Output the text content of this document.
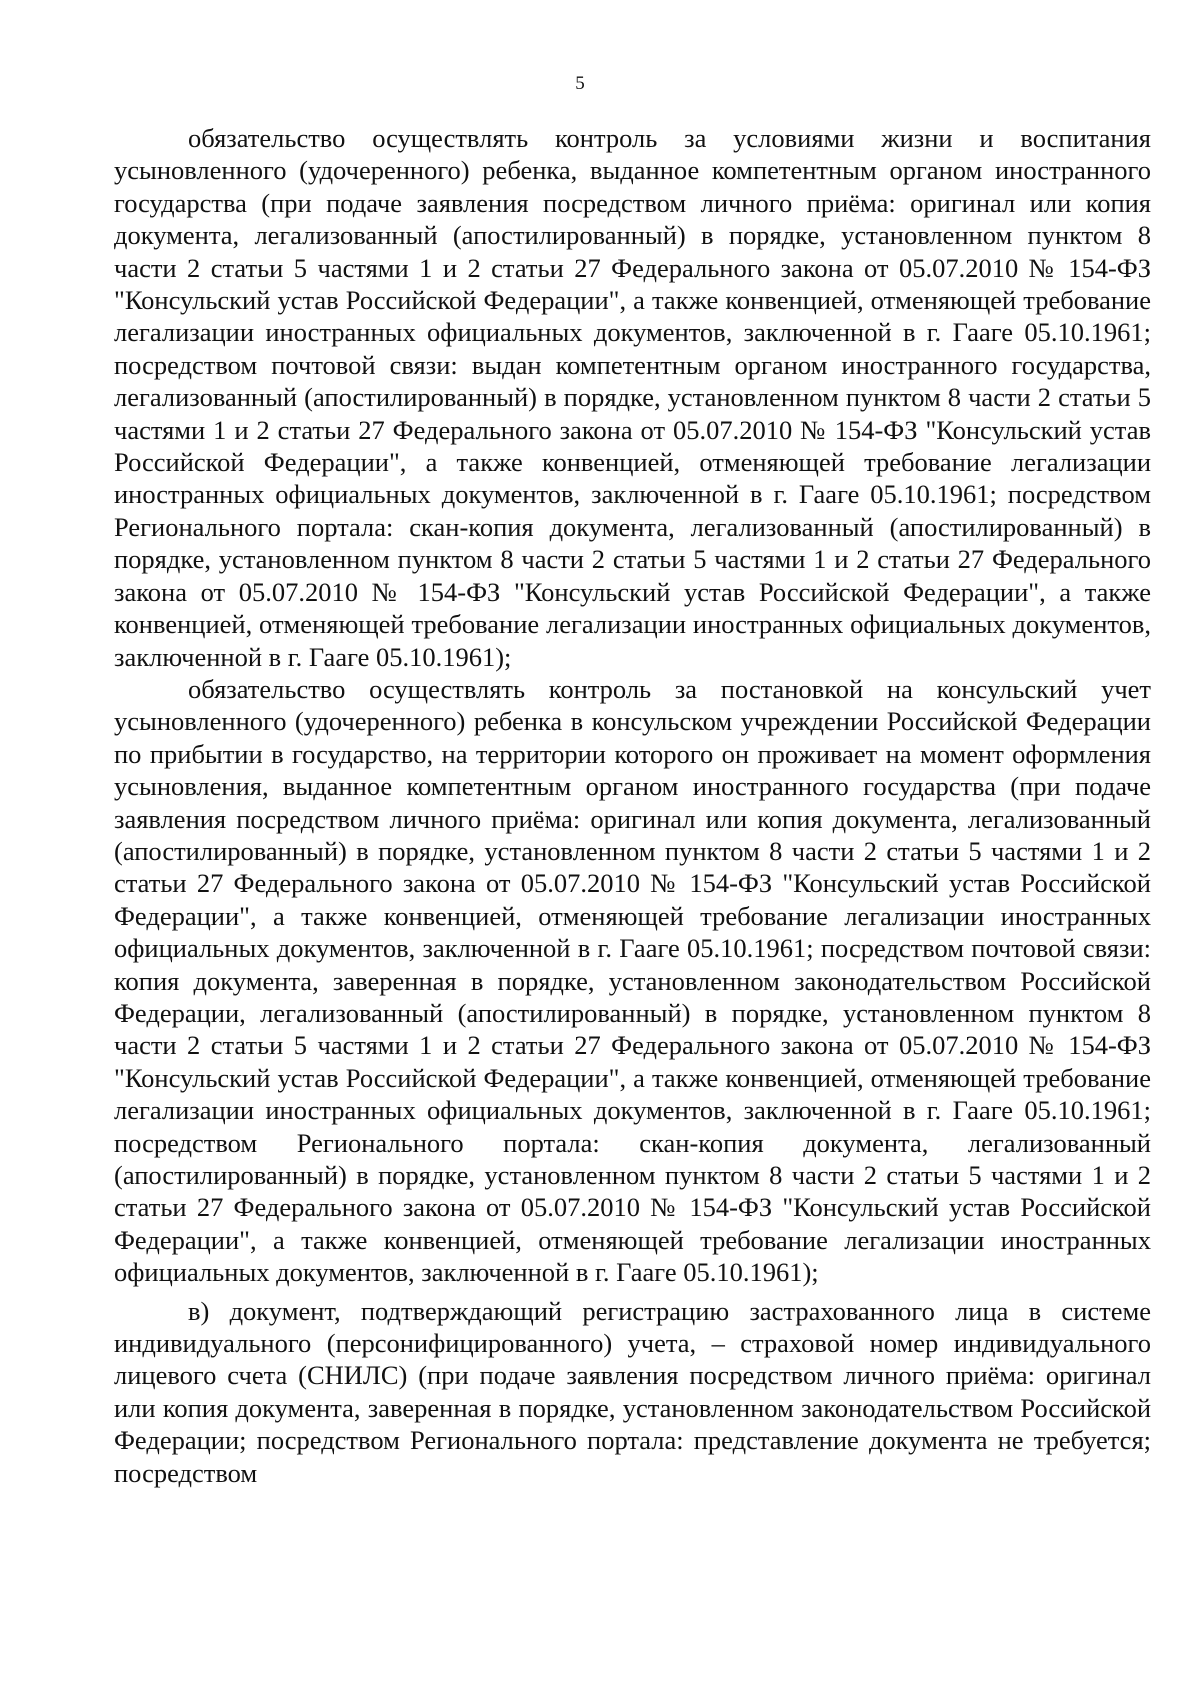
5

обязательство осуществлять контроль за условиями жизни и воспитания усыновленного (удочеренного) ребенка, выданное компетентным органом иностранного государства (при подаче заявления посредством личного приёма: оригинал или копия документа, легализованный (апостилированный) в порядке, установленном пунктом 8 части 2 статьи 5 частями 1 и 2 статьи 27 Федерального закона от 05.07.2010 № 154-ФЗ "Консульский устав Российской Федерации", а также конвенцией, отменяющей требование легализации иностранных официальных документов, заключенной в г. Гааге 05.10.1961; посредством почтовой связи: выдан компетентным органом иностранного государства, легализованный (апостилированный) в порядке, установленном пунктом 8 части 2 статьи 5 частями 1 и 2 статьи 27 Федерального закона от 05.07.2010 № 154-ФЗ "Консульский устав Российской Федерации", а также конвенцией, отменяющей требование легализации иностранных официальных документов, заключенной в г. Гааге 05.10.1961; посредством Регионального портала: скан-копия документа, легализованный (апостилированный) в порядке, установленном пунктом 8 части 2 статьи 5 частями 1 и 2 статьи 27 Федерального закона от 05.07.2010 № 154-ФЗ "Консульский устав Российской Федерации", а также конвенцией, отменяющей требование легализации иностранных официальных документов, заключенной в г. Гааге 05.10.1961);

обязательство осуществлять контроль за постановкой на консульский учет усыновленного (удочеренного) ребенка в консульском учреждении Российской Федерации по прибытии в государство, на территории которого он проживает на момент оформления усыновления, выданное компетентным органом иностранного государства (при подаче заявления посредством личного приёма: оригинал или копия документа, легализованный (апостилированный) в порядке, установленном пунктом 8 части 2 статьи 5 частями 1 и 2 статьи 27 Федерального закона от 05.07.2010 № 154-ФЗ "Консульский устав Российской Федерации", а также конвенцией, отменяющей требование легализации иностранных официальных документов, заключенной в г. Гааге 05.10.1961; посредством почтовой связи: копия документа, заверенная в порядке, установленном законодательством Российской Федерации, легализованный (апостилированный) в порядке, установленном пунктом 8 части 2 статьи 5 частями 1 и 2 статьи 27 Федерального закона от 05.07.2010 № 154-ФЗ "Консульский устав Российской Федерации", а также конвенцией, отменяющей требование легализации иностранных официальных документов, заключенной в г. Гааге 05.10.1961; посредством Регионального портала: скан-копия документа, легализованный (апостилированный) в порядке, установленном пунктом 8 части 2 статьи 5 частями 1 и 2 статьи 27 Федерального закона от 05.07.2010 № 154-ФЗ "Консульский устав Российской Федерации", а также конвенцией, отменяющей требование легализации иностранных официальных документов, заключенной в г. Гааге 05.10.1961);

в) документ, подтверждающий регистрацию застрахованного лица в системе индивидуального (персонифицированного) учета, – страховой номер индивидуального лицевого счета (СНИЛС) (при подаче заявления посредством личного приёма: оригинал или копия документа, заверенная в порядке, установленном законодательством Российской Федерации; посредством Регионального портала: представление документа не требуется; посредством
